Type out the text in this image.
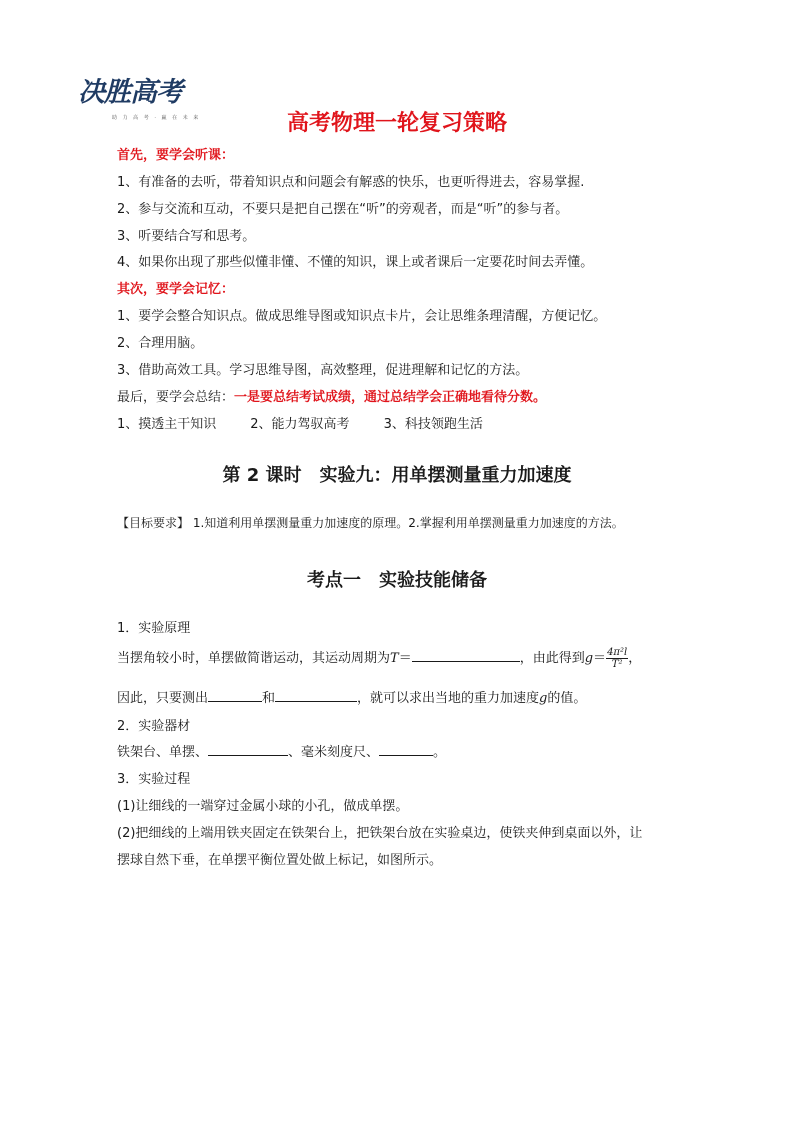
决胜高考
助 力 高 考 · 赢 在 未 来	高考物理一轮复习策略
首先，要学会听课：
1、有准备的去听，带着知识点和问题会有解惑的快乐，也更听得进去，容易掌握.
2、参与交流和互动，不要只是把自己摆在“听”的旁观者，而是“听”的参与者。
3、听要结合写和思考。
4、如果你出现了那些似懂非懂、不懂的知识，课上或者课后一定要花时间去弄懂。
其次，要学会记忆：
1、要学会整合知识点。做成思维导图或知识点卡片，会让思维条理清醒，方便记忆。
2、合理用脑。
3、借助高效工具。学习思维导图，高效整理，促进理解和记忆的方法。
最后，要学会总结：一是要总结考试成绩，通过总结学会正确地看待分数。
1、摸透主干知识	2、能力驾驭高考	3、科技领跑生活
第 2 课时　实验九：用单摆测量重力加速度
【目标要求】 1.知道利用单摆测量重力加速度的原理。2.掌握利用单摆测量重力加速度的方法。
考点一　实验技能储备
1．实验原理
当摆角较小时，单摆做简谐运动，其运动周期为T＝	，由此得到$g= \frac{\text{4π²l}}{\text{T²}}$ ，
因此，只要测出	和	，就可以求出当地的重力加速度g的值。
2．实验器材
铁架台、单摆、	、毫米刻度尺、	。
3．实验过程
(1)让细线的一端穿过金属小球的小孔，做成单摆。
(2)把细线的上端用铁夹固定在铁架台上，把铁架台放在实验桌边，使铁夹伸到桌面以外，让
摆球自然下垂，在单摆平衡位置处做上标记，如图所示。
